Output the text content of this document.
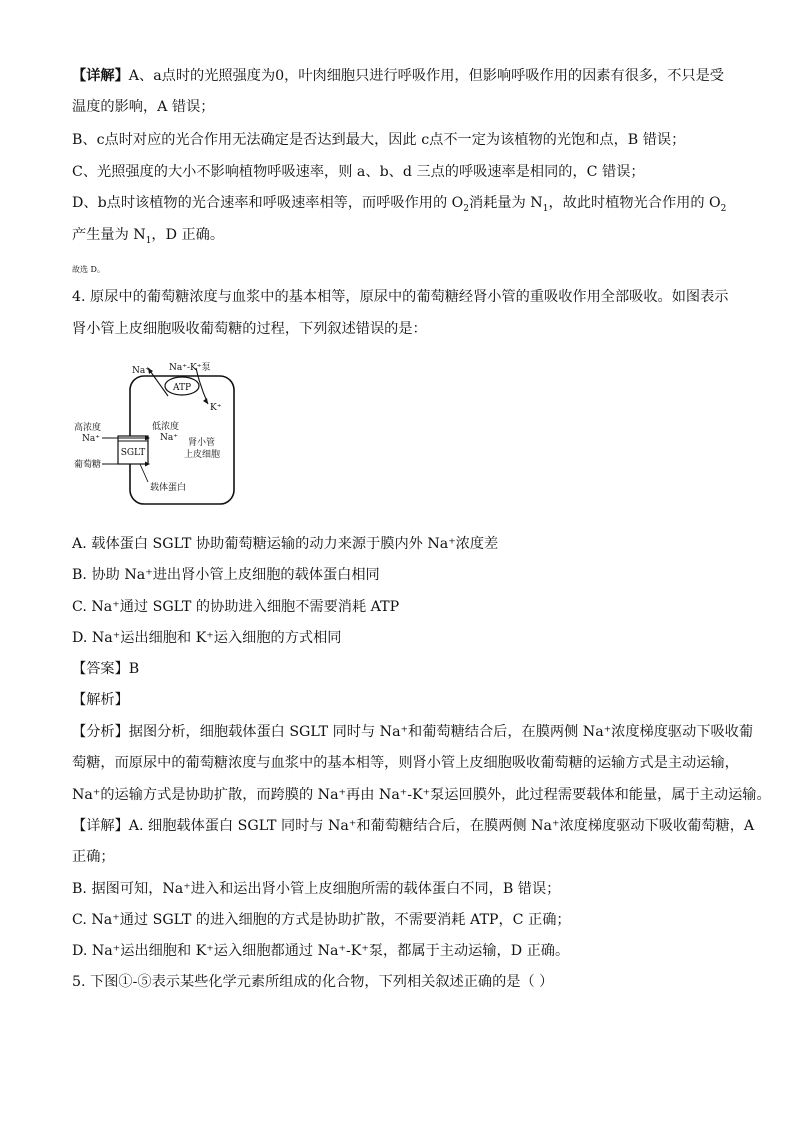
【详解】A、a点时的光照强度为0，叶肉细胞只进行呼吸作用，但影响呼吸作用的因素有很多，不只是受
温度的影响，A 错误；
B、c点时对应的光合作用无法确定是否达到最大，因此 c点不一定为该植物的光饱和点，B 错误；
C、光照强度的大小不影响植物呼吸速率，则 a、b、d 三点的呼吸速率是相同的，C 错误；
D、b点时该植物的光合速率和呼吸速率相等，而呼吸作用的 $O_2$消耗量为 $N_1$，故此时植物光合作用的 $O_2$
产生量为 $N_1$，D 正确。
故选 D。
4. 原尿中的葡萄糖浓度与血浆中的基本相等，原尿中的葡萄糖经肾小管的重吸收作用全部吸收。如图表示
肾小管上皮细胞吸收葡萄糖的过程，下列叙述错误的是：
ATP
Na⁺ Na⁺-K⁺泵
K⁺
SGLT
高浓度
Na⁺
葡萄糖
低浓度
Na⁺ 肾小管
上皮细胞
载体蛋白
A. 载体蛋白 SGLT 协助葡萄糖运输的动力来源于膜内外 Na⁺浓度差
B. 协助 Na⁺进出肾小管上皮细胞的载体蛋白相同
C. Na⁺通过 SGLT 的协助进入细胞不需要消耗 ATP
D. Na⁺运出细胞和 K⁺运入细胞的方式相同
【答案】B
【解析】
【分析】据图分析，细胞载体蛋白 SGLT 同时与 Na⁺和葡萄糖结合后，在膜两侧 Na⁺浓度梯度驱动下吸收葡
萄糖，而原尿中的葡萄糖浓度与血浆中的基本相等，则肾小管上皮细胞吸收葡萄糖的运输方式是主动运输，
Na⁺的运输方式是协助扩散，而跨膜的 Na⁺再由 Na⁺-K⁺泵运回膜外，此过程需要载体和能量，属于主动运输。
【详解】A. 细胞载体蛋白 SGLT 同时与 Na⁺和葡萄糖结合后，在膜两侧 Na⁺浓度梯度驱动下吸收葡萄糖，A
正确；
B. 据图可知，Na⁺进入和运出肾小管上皮细胞所需的载体蛋白不同，B 错误；
C. Na⁺通过 SGLT 的进入细胞的方式是协助扩散，不需要消耗 ATP，C 正确；
D. Na⁺运出细胞和 K⁺运入细胞都通过 Na⁺-K⁺泵，都属于主动运输，D 正确。
5. 下图①-⑤表示某些化学元素所组成的化合物，下列相关叙述正确的是（ ）
